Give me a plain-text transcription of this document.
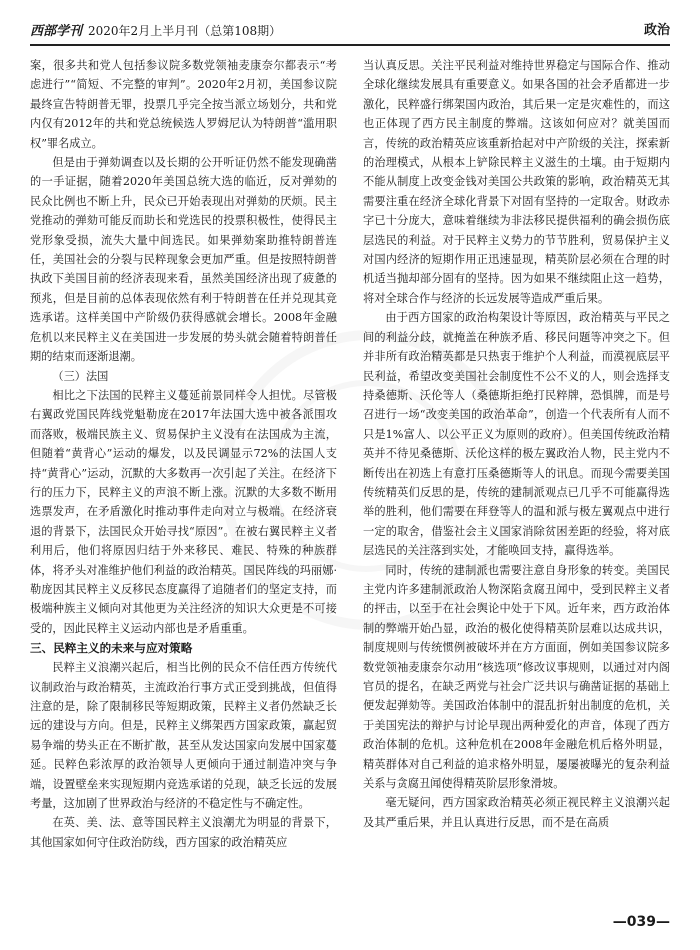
西部学刊 2020年2月上半月刊（总第108期）	政治

案，很多共和党人包括参议院多数党领袖麦康奈尔都表示“考虑进行”“简短、不完整的审判”。2020年2月初，美国参议院最终宣告特朗普无罪，投票几乎完全按当派立场划分，共和党内仅有2012年的共和党总统候选人罗姆尼认为特朗普“滥用职权”罪名成立。

但是由于弹劾调查以及长期的公开听证仍然不能发现确凿的一手证据，随着2020年美国总统大选的临近，反对弹劾的民众比例也不断上升，民众已开始表现出对弹劾的厌烦。民主党推动的弹劾可能反而助长和党选民的投票积极性，使得民主党形象受损，流失大量中间选民。如果弹劾案助推特朗普连任，美国社会的分裂与民粹现象会更加严重。但是按照特朗普执政下美国目前的经济表现来看，虽然美国经济出现了疲惫的预兆，但是目前的总体表现依然有利于特朗普在任并兑现其竞选承诺。这样美国中产阶级仍获得感就会增长。2008年金融危机以来民粹主义在美国进一步发展的势头就会随着特朗普任期的结束而逐渐退潮。

（三）法国

相比之下法国的民粹主义蔓延前景同样令人担忧。尽管极右翼政党国民阵线党魁勒庞在2017年法国大选中被各派围攻而落败，极端民族主义、贸易保护主义没有在法国成为主流，但随着“黄背心”运动的爆发，以及民调显示72%的法国人支持“黄背心”运动，沉默的大多数再一次引起了关注。在经济下行的压力下，民粹主义的声浪不断上涨。沉默的大多数不断用选票发声，在矛盾激化时推动事件走向对立与极端。在经济衰退的背景下，法国民众开始寻找“原因”。在被右翼民粹主义者利用后，他们将原因归结于外来移民、难民、特殊的种族群体，将矛头对准维护他们利益的政治精英。国民阵线的玛丽娜·勒庞因其民粹主义反移民态度赢得了追随者们的坚定支持，而极端种族主义倾向对其他更为关注经济的知识大众更是不可接受的，因此民粹主义运动内部也是矛盾重重。

三、民粹主义的未来与应对策略

民粹主义浪潮兴起后，相当比例的民众不信任西方传统代议制政治与政治精英，主流政治行事方式正受到挑战，但值得注意的是，除了限制移民等短期政策，民粹主义者仍然缺乏长远的建设与方向。但是，民粹主义绑架西方国家政策，赢起贸易争端的势头正在不断扩散，甚至从发达国家向发展中国家蔓延。民粹色彩浓厚的政治领导人更倾向于通过制造冲突与争端，设置壁垒来实现短期内竞选承诺的兑现，缺乏长远的发展考量，这加剧了世界政治与经济的不稳定性与不确定性。

在英、美、法、意等国民粹主义浪潮尤为明显的背景下，其他国家如何守住政治防线，西方国家的政治精英应

当认真反思。关注平民利益对维持世界稳定与国际合作、推动全球化继续发展具有重要意义。如果各国的社会矛盾都进一步激化，民粹盛行绑架国内政治，其后果一定是灾难性的，而这也正体现了西方民主制度的弊端。这该如何应对？就美国而言，传统的政治精英应该重新拾起对中产阶级的关注，探索新的治理模式，从根本上铲除民粹主义滋生的土壤。由于短期内不能从制度上改变金钱对美国公共政策的影响，政治精英无其需要注重在经济全球化背景下对固有坚持的一定取舍。财政赤字已十分庞大，意味着继续为非法移民提供福利的确会损伤底层选民的利益。对于民粹主义势力的节节胜利，贸易保护主义对国内经济的短期作用正迅速显现，精英阶层必须在合理的时机适当抛却部分固有的坚持。因为如果不继续阻止这一趋势，将对全球合作与经济的长远发展等造成严重后果。

由于西方国家的政治构架设计等原因，政治精英与平民之间的利益分歧，就掩盖在种族矛盾、移民问题等冲突之下。但并非所有政治精英都是只热衷于维护个人利益，而漠视底层平民利益，希望改变美国社会制度性不公不义的人，则会选择支持桑德斯、沃伦等人（桑德斯拒绝打民粹牌，恐惧牌，而是号召进行一场“改变美国的政治革命”，创造一个代表所有人而不只是1%富人、以公平正义为原则的政府）。但美国传统政治精英并不待见桑德斯、沃伦这样的极左翼政治人物，民主党内不断传出在初选上有意打压桑德斯等人的讯息。而现今需要美国传统精英们反思的是，传统的建制派观点已几乎不可能赢得选举的胜利，他们需要在拜登等人的温和派与极左翼观点中进行一定的取舍，借鉴社会主义国家消除贫困差距的经验，将对底层选民的关注落到实处，才能唤回支持，赢得选举。

同时，传统的建制派也需要注意自身形象的转变。美国民主党内许多建制派政治人物深陷贪腐丑闻中，受到民粹主义者的抨击，以至于在社会舆论中处于下风。近年来，西方政治体制的弊端开始凸显，政治的极化使得精英阶层难以达成共识，制度规则与传统惯例被破坏并在方方面面，例如美国参议院多数党领袖麦康奈尔动用“核选项”修改议事规则，以通过对内阁官员的提名，在缺乏两党与社会广泛共识与确凿证据的基础上便发起弹劾等。美国政治体制中的混乱折射出制度的危机，关于美国宪法的辩护与讨论早现出两种爱化的声音，体现了西方政治体制的危机。这种危机在2008年金融危机后格外明显，精英群体对自己利益的追求格外明显，屡屡被曝光的复杂利益关系与贪腐丑闻使得精英阶层形象滑坡。

毫无疑问，西方国家政治精英必须正视民粹主义浪潮兴起及其严重后果，并且认真进行反思，而不是在高质

—039—
